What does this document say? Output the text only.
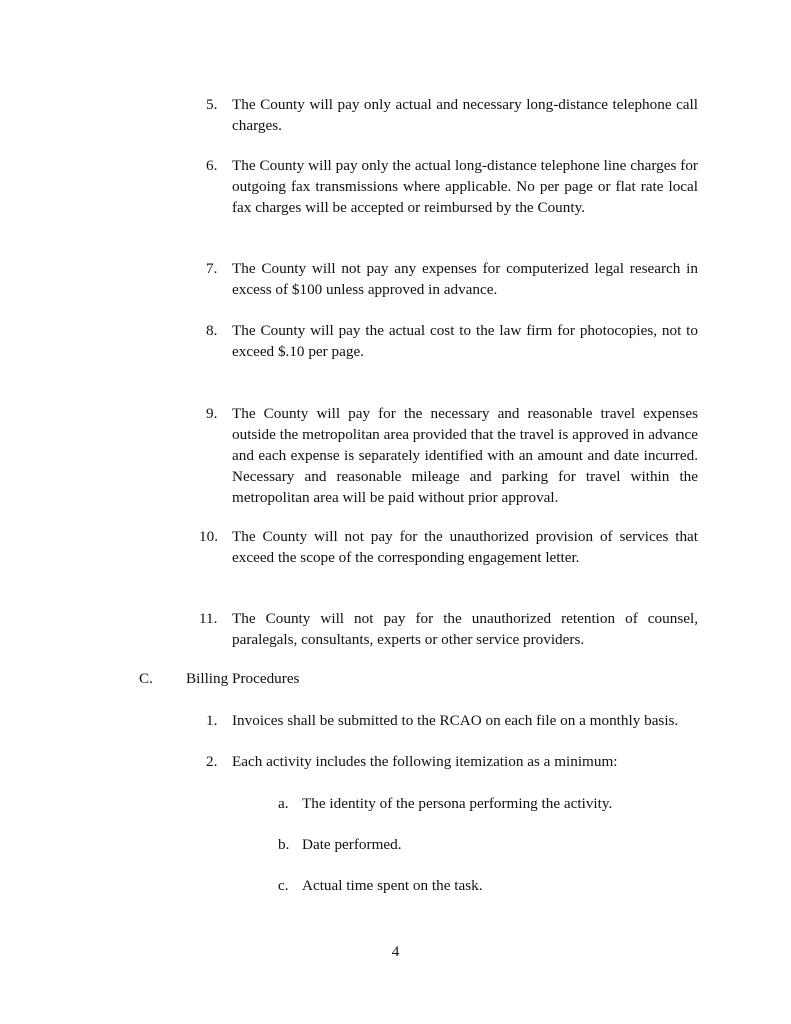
5. The County will pay only actual and necessary long-distance telephone call charges.
6. The County will pay only the actual long-distance telephone line charges for outgoing fax transmissions where applicable. No per page or flat rate local fax charges will be accepted or reimbursed by the County.
7. The County will not pay any expenses for computerized legal research in excess of $100 unless approved in advance.
8. The County will pay the actual cost to the law firm for photocopies, not to exceed $.10 per page.
9. The County will pay for the necessary and reasonable travel expenses outside the metropolitan area provided that the travel is approved in advance and each expense is separately identified with an amount and date incurred. Necessary and reasonable mileage and parking for travel within the metropolitan area will be paid without prior approval.
10. The County will not pay for the unauthorized provision of services that exceed the scope of the corresponding engagement letter.
11. The County will not pay for the unauthorized retention of counsel, paralegals, consultants, experts or other service providers.
C. Billing Procedures
1. Invoices shall be submitted to the RCAO on each file on a monthly basis.
2. Each activity includes the following itemization as a minimum:
a. The identity of the persona performing the activity.
b. Date performed.
c. Actual time spent on the task.
4
